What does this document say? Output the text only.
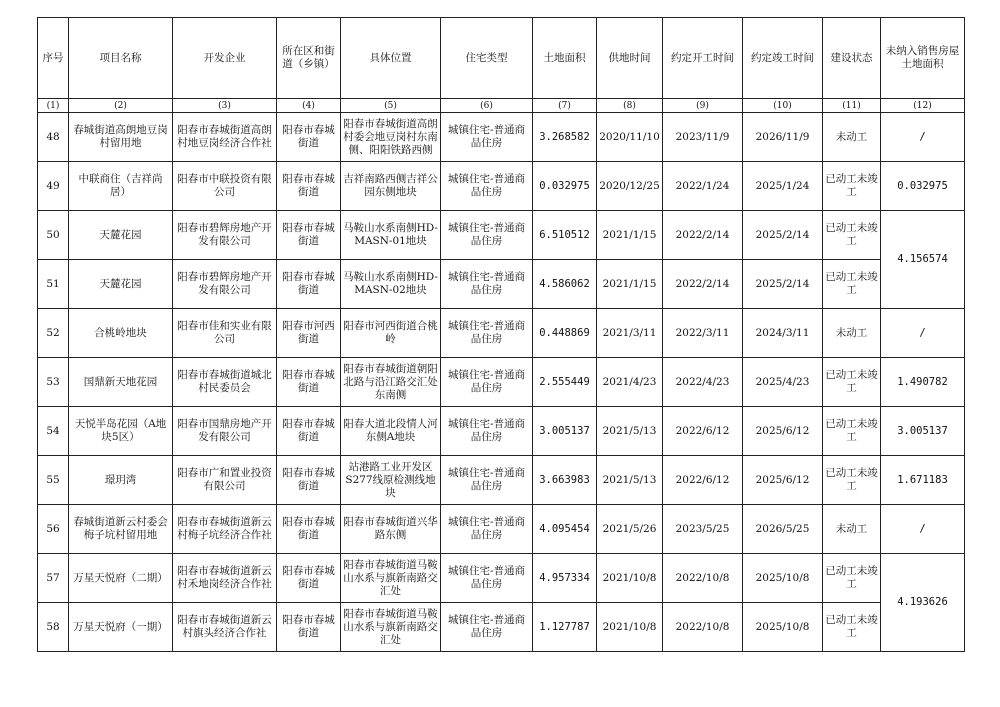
序号	项目名称	开发企业	所在区和街道（乡镇）	具体位置	住宅类型	土地面积	供地时间	约定开工时间	约定竣工时间	建设状态	未纳入销售房屋土地面积
(1)	(2)	(3)	(4)	(5)	(6)	(7)	(8)	(9)	(10)	(11)	(12)
48	春城街道高朗地豆岗村留用地	阳春市春城街道高朗村地豆岗经济合作社	阳春市春城街道	阳春市春城街道高朗村委会地豆岗村东南侧、阳阳铁路西侧	城镇住宅-普通商品住房	3.268582	2020/11/10	2023/11/9	2026/11/9	未动工	/
49	中联商住（吉祥尚居）	阳春市中联投资有限公司	阳春市春城街道	吉祥南路西侧吉祥公园东侧地块	城镇住宅-普通商品住房	0.032975	2020/12/25	2022/1/24	2025/1/24	已动工未竣工	0.032975
50	天麓花园	阳春市碧辉房地产开发有限公司	阳春市春城街道	马鞍山水系南侧HD-MASN-01地块	城镇住宅-普通商品住房	6.510512	2021/1/15	2022/2/14	2025/2/14	已动工未竣工	4.156574
51	天麓花园	阳春市碧辉房地产开发有限公司	阳春市春城街道	马鞍山水系南侧HD-MASN-02地块	城镇住宅-普通商品住房	4.586062	2021/1/15	2022/2/14	2025/2/14	已动工未竣工	
52	合桃岭地块	阳春市佳和实业有限公司	阳春市河西街道	阳春市河西街道合桃岭	城镇住宅-普通商品住房	0.448869	2021/3/11	2022/3/11	2024/3/11	未动工	/
53	国鼎新天地花园	阳春市春城街道城北村民委员会	阳春市春城街道	阳春市春城街道朝阳北路与沿江路交汇处东南侧	城镇住宅-普通商品住房	2.555449	2021/4/23	2022/4/23	2025/4/23	已动工未竣工	1.490782
54	天悦半岛花园（A地块5区）	阳春市国鼎房地产开发有限公司	阳春市春城街道	阳春大道北段情人河东侧A地块	城镇住宅-普通商品住房	3.005137	2021/5/13	2022/6/12	2025/6/12	已动工未竣工	3.005137
55	璟玥湾	阳春市广和置业投资有限公司	阳春市春城街道	站港路工业开发区S277线原检测线地块	城镇住宅-普通商品住房	3.663983	2021/5/13	2022/6/12	2025/6/12	已动工未竣工	1.671183
56	春城街道新云村委会梅子坑村留用地	阳春市春城街道新云村梅子坑经济合作社	阳春市春城街道	阳春市春城街道兴华路东侧	城镇住宅-普通商品住房	4.095454	2021/5/26	2023/5/25	2026/5/25	未动工	/
57	万星天悦府（二期）	阳春市春城街道新云村禾地岗经济合作社	阳春市春城街道	阳春市春城街道马鞍山水系与旗新南路交汇处	城镇住宅-普通商品住房	4.957334	2021/10/8	2022/10/8	2025/10/8	已动工未竣工	4.193626
58	万星天悦府（一期）	阳春市春城街道新云村旗头经济合作社	阳春市春城街道	阳春市春城街道马鞍山水系与旗新南路交汇处	城镇住宅-普通商品住房	1.127787	2021/10/8	2022/10/8	2025/10/8	已动工未竣工	
